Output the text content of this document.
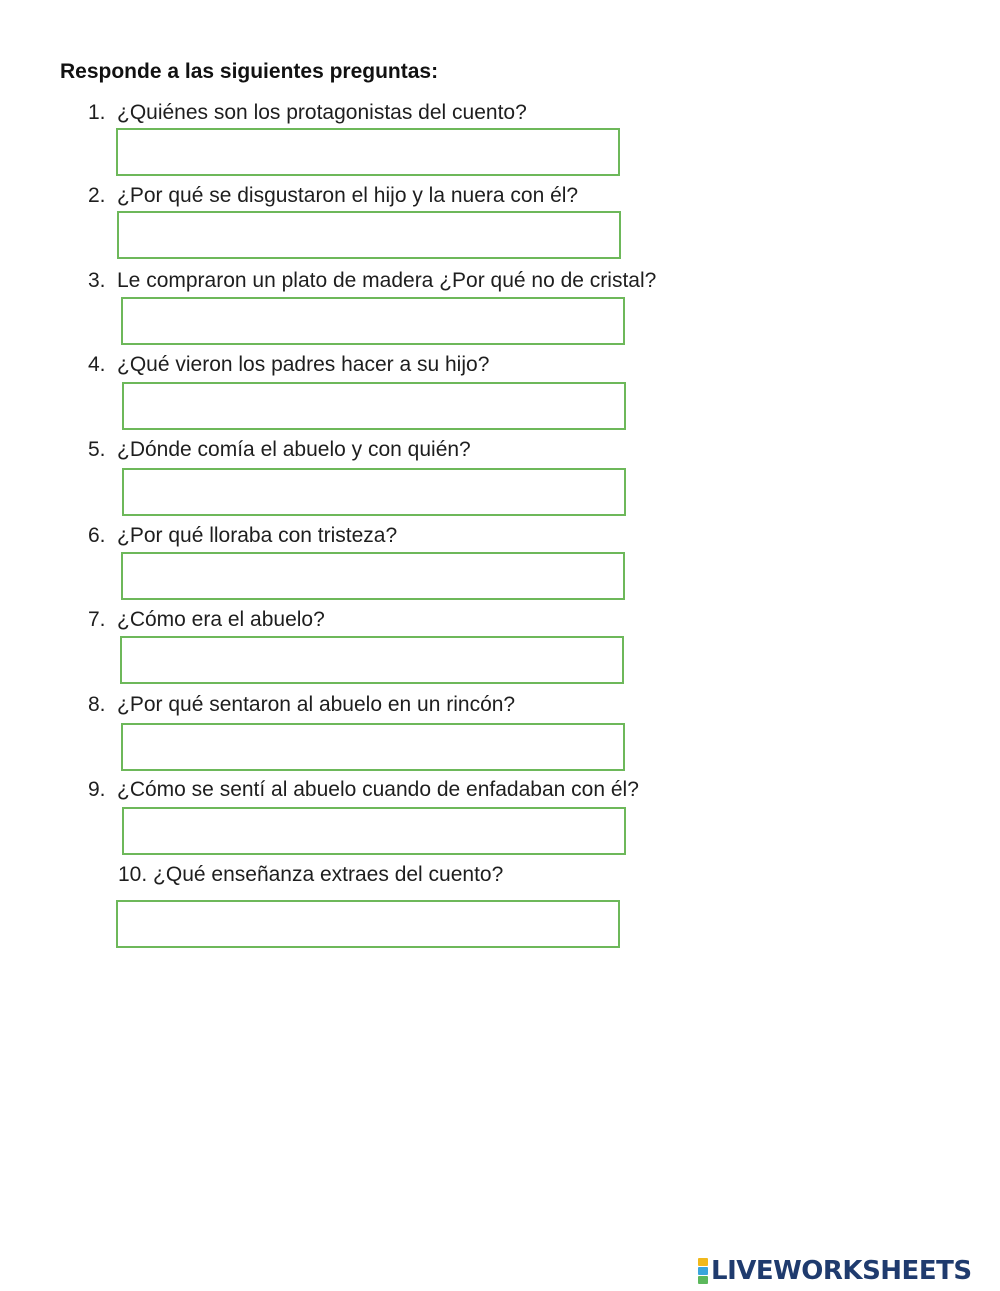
Responde a las siguientes preguntas:
1. ¿Quiénes son los protagonistas del cuento?
2. ¿Por qué se disgustaron el hijo y la nuera con él?
3. Le compraron un plato de madera ¿Por qué no de cristal?
4. ¿Qué vieron los padres hacer a su hijo?
5. ¿Dónde comía el abuelo y con quién?
6. ¿Por qué lloraba con tristeza?
7. ¿Cómo era el abuelo?
8. ¿Por qué sentaron al abuelo en un rincón?
9. ¿Cómo se sentí al abuelo cuando de enfadaban con él?
10. ¿Qué enseñanza extraes del cuento?
LIVEWORKSHEETS
